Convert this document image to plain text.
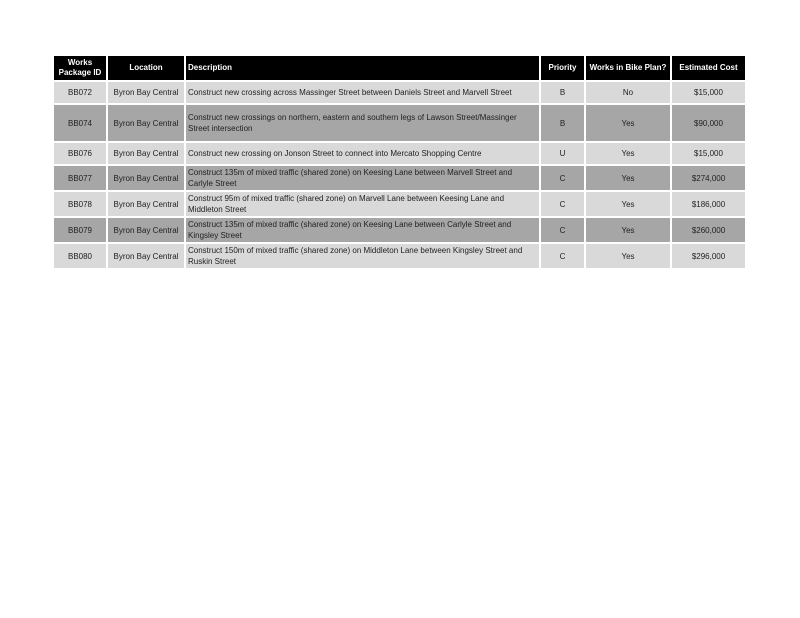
Works Package ID	Location	Description	Priority	Works in Bike Plan?	Estimated Cost
BB072	Byron Bay Central	Construct new crossing across Massinger Street between Daniels Street and Marvell Street	B	No	$15,000
BB074	Byron Bay Central	Construct new crossings on northern, eastern and southern legs of Lawson Street/Massinger Street intersection	B	Yes	$90,000
BB076	Byron Bay Central	Construct new crossing on Jonson Street to connect into Mercato Shopping Centre	U	Yes	$15,000
BB077	Byron Bay Central	Construct 135m of mixed traffic (shared zone) on Keesing Lane between Marvell Street and Carlyle Street	C	Yes	$274,000
BB078	Byron Bay Central	Construct 95m of mixed traffic (shared zone) on Marvell Lane between Keesing Lane and Middleton Street	C	Yes	$186,000
BB079	Byron Bay Central	Construct 135m of mixed traffic (shared zone) on Keesing Lane between Carlyle Street and Kingsley Street	C	Yes	$260,000
BB080	Byron Bay Central	Construct 150m of mixed traffic (shared zone) on Middleton Lane between Kingsley Street and Ruskin Street	C	Yes	$296,000
